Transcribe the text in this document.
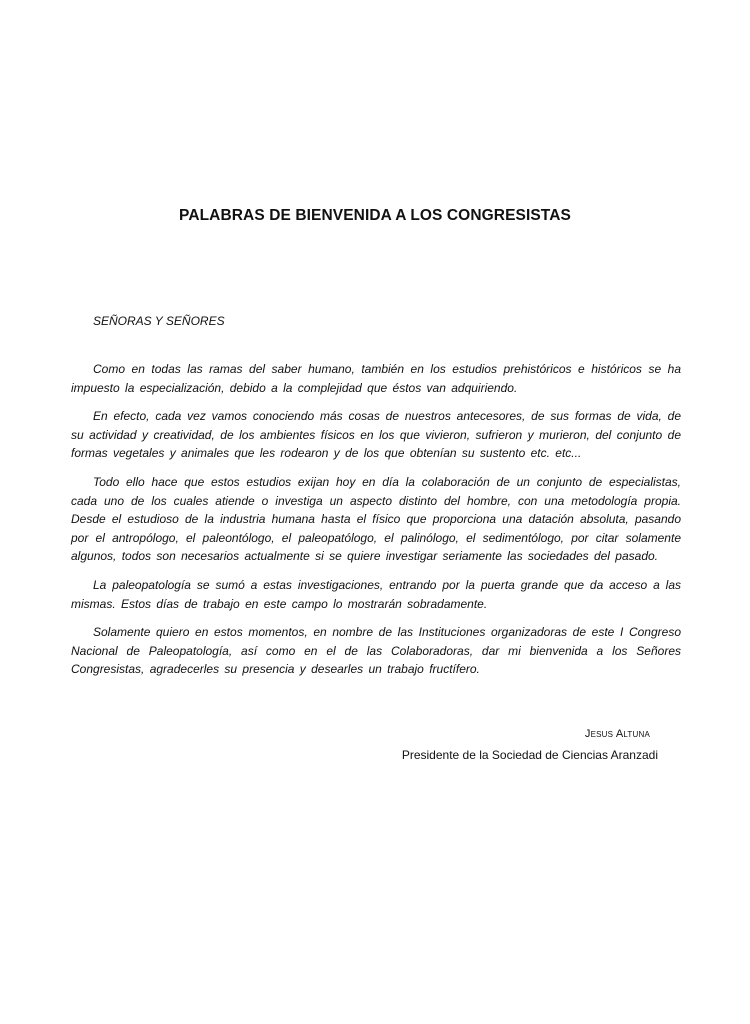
PALABRAS DE BIENVENIDA A LOS CONGRESISTAS

SEÑORAS Y SEÑORES

Como en todas las ramas del saber humano, también en los estudios prehistóricos e históricos se ha impuesto la especialización, debido a la complejidad que éstos van adquiriendo.

En efecto, cada vez vamos conociendo más cosas de nuestros antecesores, de sus formas de vida, de su actividad y creatividad, de los ambientes físicos en los que vivieron, sufrieron y murieron, del conjunto de formas vegetales y animales que les rodearon y de los que obtenían su sustento etc. etc...

Todo ello hace que estos estudios exijan hoy en día la colaboración de un conjunto de especialistas, cada uno de los cuales atiende o investiga un aspecto distinto del hombre, con una metodología propia. Desde el estudioso de la industria humana hasta el físico que proporciona una datación absoluta, pasando por el antropólogo, el paleontólogo, el paleopatólogo, el palinólogo, el sedimentólogo, por citar solamente algunos, todos son necesarios actualmente si se quiere investigar seriamente las sociedades del pasado.

La paleopatología se sumó a estas investigaciones, entrando por la puerta grande que da acceso a las mismas. Estos días de trabajo en este campo lo mostrarán sobradamente.

Solamente quiero en estos momentos, en nombre de las Instituciones organizadoras de este I Congreso Nacional de Paleopatología, así como en el de las Colaboradoras, dar mi bienvenida a los Señores Congresistas, agradecerles su presencia y desearles un trabajo fructífero.

Jesus Altuna

Presidente de la Sociedad de Ciencias Aranzadi
